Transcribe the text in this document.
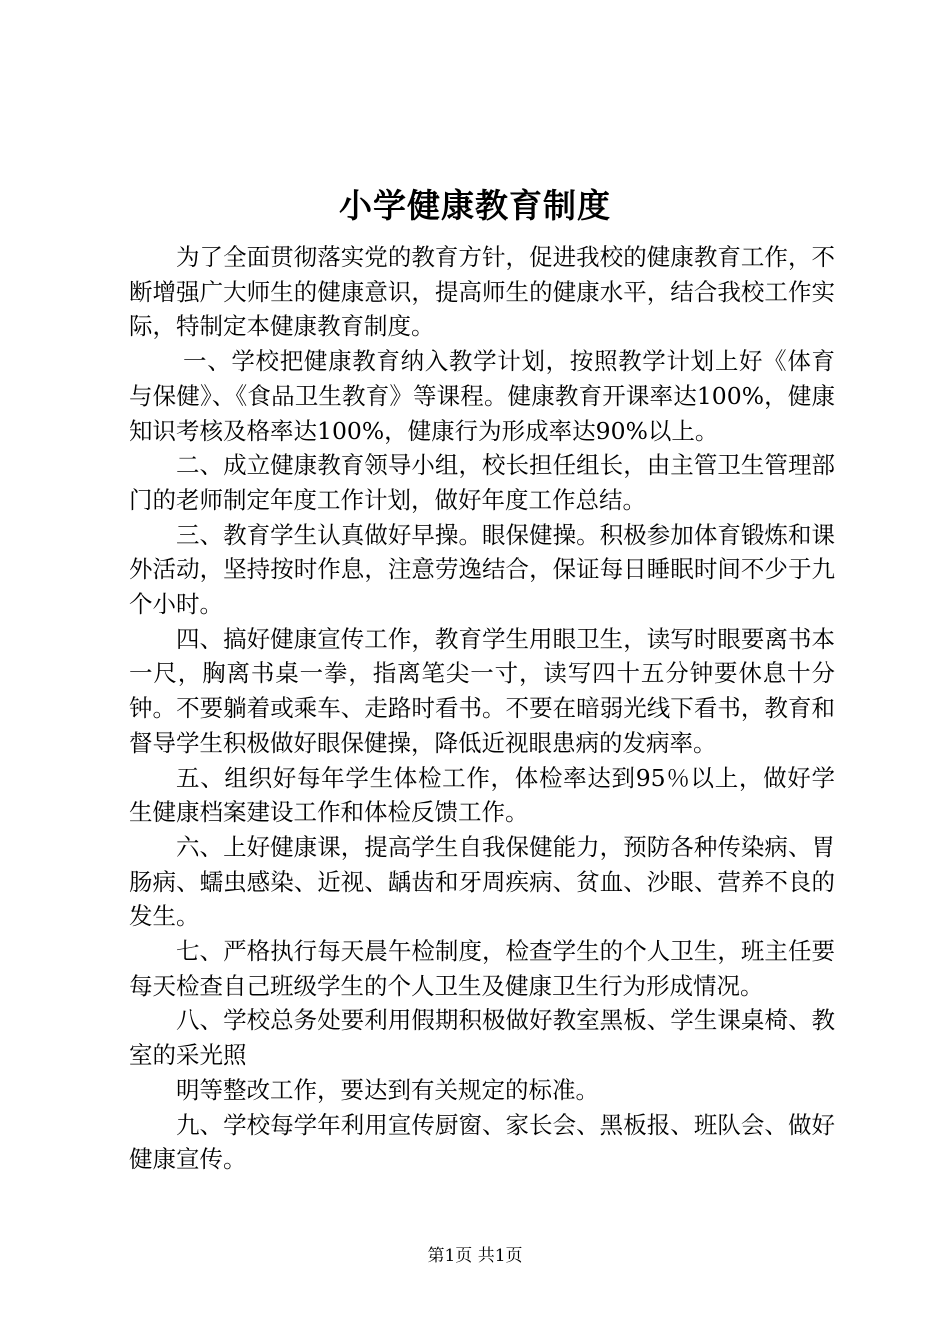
小学健康教育制度

为了全面贯彻落实党的教育方针，促进我校的健康教育工作，不断增强广大师生的健康意识，提高师生的健康水平，结合我校工作实际，特制定本健康教育制度。

一、学校把健康教育纳入教学计划，按照教学计划上好《体育与保健》、《食品卫生教育》等课程。健康教育开课率达100%，健康知识考核及格率达100%，健康行为形成率达90%以上。

二、成立健康教育领导小组，校长担任组长，由主管卫生管理部门的老师制定年度工作计划，做好年度工作总结。

三、教育学生认真做好早操。眼保健操。积极参加体育锻炼和课外活动，坚持按时作息，注意劳逸结合，保证每日睡眠时间不少于九个小时。

四、搞好健康宣传工作，教育学生用眼卫生，读写时眼要离书本一尺，胸离书桌一拳，指离笔尖一寸，读写四十五分钟要休息十分钟。不要躺着或乘车、走路时看书。不要在暗弱光线下看书，教育和督导学生积极做好眼保健操，降低近视眼患病的发病率。

五、组织好每年学生体检工作，体检率达到95％以上，做好学生健康档案建设工作和体检反馈工作。

六、上好健康课，提高学生自我保健能力，预防各种传染病、胃肠病、蠕虫感染、近视、龋齿和牙周疾病、贫血、沙眼、营养不良的发生。

七、严格执行每天晨午检制度，检查学生的个人卫生，班主任要每天检查自己班级学生的个人卫生及健康卫生行为形成情况。

八、学校总务处要利用假期积极做好教室黑板、学生课桌椅、教室的采光照

明等整改工作，要达到有关规定的标准。

九、学校每学年利用宣传厨窗、家长会、黑板报、班队会、做好健康宣传。

第1页 共1页
